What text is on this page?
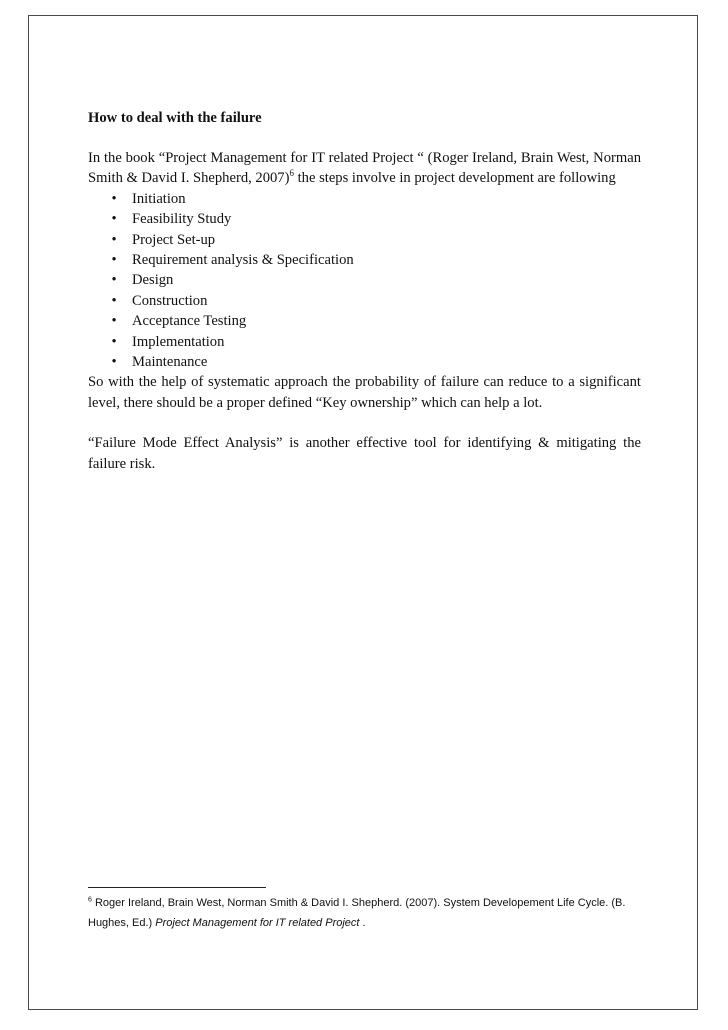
How to deal with the failure

In the book “Project Management for IT related Project “ (Roger Ireland, Brain West, Norman Smith & David I. Shepherd, 2007)$^6$ the steps involve in project development are following

• Initiation
• Feasibility Study
• Project Set-up
• Requirement analysis & Specification
• Design
• Construction
• Acceptance Testing
• Implementation
• Maintenance

So with the help of systematic approach the probability of failure can reduce to a significant level, there should be a proper defined “Key ownership” which can help a lot.

“Failure Mode Effect Analysis” is another effective tool for identifying & mitigating the failure risk.

$^6$ Roger Ireland, Brain West, Norman Smith & David I. Shepherd. (2007). System Developement Life Cycle. (B. Hughes, Ed.) Project Management for IT related Project .
